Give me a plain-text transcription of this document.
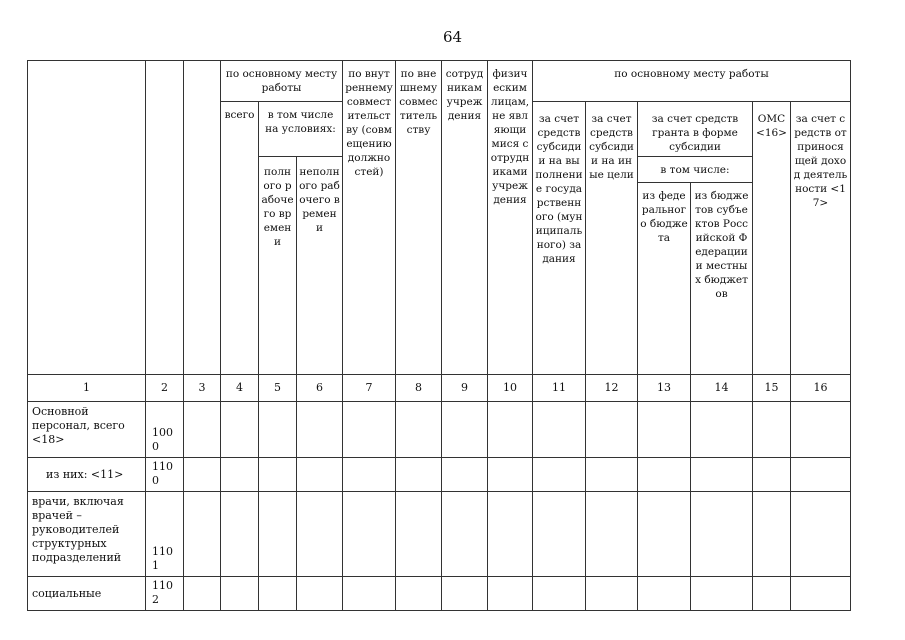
64
			по основному месту работы			по внутреннему совместительству (совмещению должностей)	по внешнему совместительству	сотрудникам учреждения	физическим лицам, не являющимися сотрудниками учреждения	по основному месту работы					
			всего	в том числе на условиях:						за счет средств субсидии на выполнение государственного (муниципального) задания	за счет средств субсидии на иные цели	за счет средств гранта в форме субсидии		ОМС <16>	за счет средств от приносящей доход деятельности <17>
				полного рабочего времени	неполного рабочего времени							в том числе:			
												из федерального бюджета	из бюджетов субъектов Российской Федерации и местных бюджетов		
1	2	3	4	5	6	7	8	9	10	11	12	13	14	15	16
Основной персонал, всего <18>	1000														
из них: <11>	1100														
врачи, включая врачей – руководителей структурных подразделений	1101														
социальные	1102														
